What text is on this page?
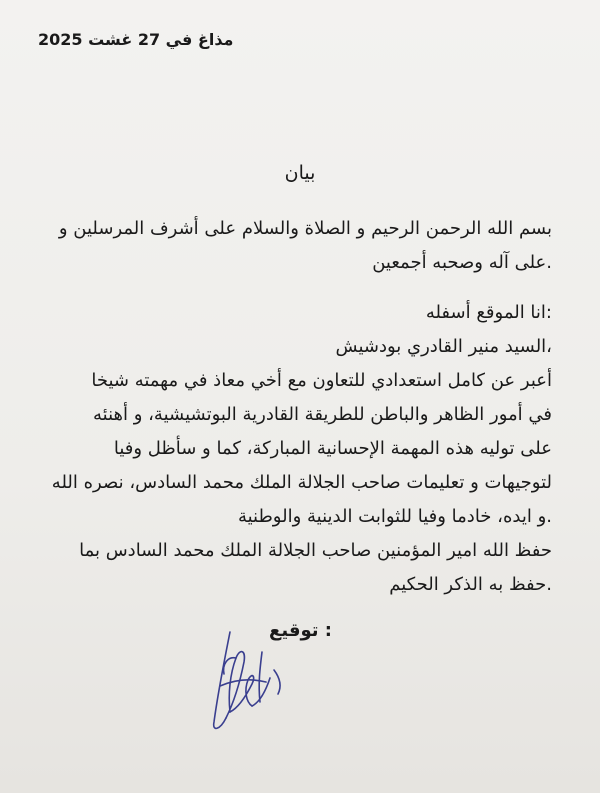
مذاغ في 27 غشت 2025
بيان
بسم الله الرحمن الرحيم و الصلاة والسلام على أشرف المرسلين و
.على آله وصحبه أجمعين
:انا الموقع أسفله
،السيد منير القادري بودشيش
أعبر عن كامل استعدادي للتعاون مع أخي معاذ في مهمته شيخا
في أمور الظاهر والباطن للطريقة القادرية البوتشيشية، و أهنئه
على توليه هذه المهمة الإحسانية المباركة، كما و سأظل وفيا
لتوجيهات و تعليمات صاحب الجلالة الملك محمد السادس، نصره الله
.و ايده، خادما وفيا للثوابت الدينية والوطنية
حفظ الله امير المؤمنين صاحب الجلالة الملك محمد السادس بما
.حفظ به الذكر الحكيم
: توقيع
